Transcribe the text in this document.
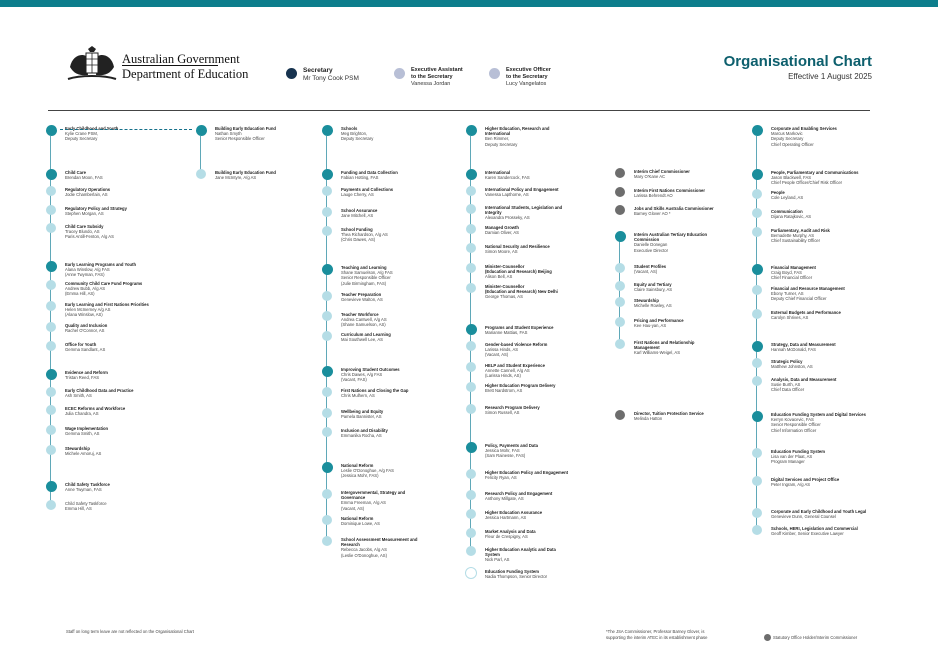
Australian Government
Department of Education
Organisational Chart
Effective 1 August 2025
Secretary
Mr Tony Cook PSM
Executive Assistant
to the Secretary
Vanessa Jordan
Executive Officer
to the Secretary
Lucy Vangelatos
Early Childhood and Youth
Kylie Crane PSM,
Deputy Secretary
Building Early Education Fund
Nathan Smyth
Senior Responsible Officer
Schools
Meg Brighton,
Deputy Secretary
Higher Education, Research and
International
Ben Rimmer,
Deputy Secretary
Corporate and Enabling Services
Marcus Markovic
Deputy Secretary
Chief Operating Officer
Child Care
Brendan Moon, FAS
Regulatory Operations
Jodie Chamberlain, AS
Regulatory Policy and Strategy
Stephen Morgan, AS
Child Care Subsidy
Tracey Blundo, AS
Paris Antill-Fenton, A/g AS
Early Learning Programs and Youth
Alana Winslow, A/g FAS
(Anne Twyman, FAS)
Community Child Care Fund Programs
Andrew Bubb, A/g AS
(Emma Hill, AS)
Early Learning and First Nations Priorities
Helen McInerney A/g AS
(Alana Winslow, AS)
Quality and Inclusion
Rachel O'Connor, AS
Office for Youth
Gemma Sandlant, AS
Evidence and Reform
Tristan Reed, FAS
Early Childhood Data and Practice
Ash Smith, AS
ECEC Reforms and Workforce
Julia Chandra, AS
Wage Implementation
Gemma Smith, AS
Stewardship
Michele Amoruj, AS
Child Safety Taskforce
Anne Twyman, FAS
Child Safety Taskforce
Emma Hill, AS
Building Early Education Fund
Jane McIntyre, A/g AS
Funding and Data Collection
Fabian Hotting, FAS
Payments and Collections
Lauge Cherry, AS
School Assurance
Jane Mitchell, AS
School Funding
Thea Richardson, A/g AS
(Chris Dawes, AS)
Teaching and Learning
Shane Samuelson, A/g FAS
Senior Responsible Officer
(Julie Birmingham, FAS)
Teacher Preparation
Genevieve Walton, AS
Teacher Workforce
Andrea Cantwell, A/g AS
(Shane Samuelson, AS)
Curriculum and Learning
Mai Southwell Lee, AS
Improving Student Outcomes
Chris Dawes, A/g FAS
(Vacant, FAS)
First Nations and Closing the Gap
Chris Mulhern, AS
Wellbeing and Equity
Pamela Bannister, AS
Inclusion and Disability
Emmanika Rocha, AS
National Reform
Leslie O'Donoghue, A/g FAS
(Jessica Mohr, FAS)
Intergovernmental, Strategy and
Governance
Emma Freeman, A/g AS
(Vacant, AS)
National Reform
Dominique Lowe, AS
School Assessment Measurement and
Research
Rebecca Jacobs, A/g AS
(Leslie O'Donoghue, AS)
International
Karen Sandercock, FAS
International Policy and Engagement
Vanessa Lapthorne, AS
International Students, Legislation and
Integrity
Alexandra Prosseky, AS
Managed Growth
Damian Oliver, AS
National Security and Resilience
Simon Moore, AS
Minister-Counsellor
(Education and Research) Beijing
Alison Bell, AS
Minister-Counsellor
(Education and Research) New Delhi
George Thomas, AS
Programs and Student Experience
Marianne Mattias, FAS
Gender-based Violence Reform
Larissa Hinds, AS
(Vacant, AS)
HELP and Student Experience
Annette Cannell, A/g AS
(Larissa Hinds, AS)
Higher Education Program Delivery
Brett Nardstrom, AS
Research Program Delivery
Simon Russell, AS
Policy, Payments and Data
Jessica Mohr, FAS
(Sam Rainesse, FAS)
Higher Education Policy and Engagement
Felicity Ryan, AS
Research Policy and Engagement
Anthony Millgate, AS
Higher Education Assurance
Jessica Hartmann, AS
Market Analysis and Data
Fleur de Crespigny, AS
Higher Education Analytic and Data
System
Nick Parl, AS
Education Funding System
Nadia Thompson, Senior Director
Interim Chief Commissioner
Mary O'Kane AC
Interim First Nations Commissioner
Larissa Behrendt AO
Jobs and Skills Australia Commissioner
Barney Glover AO *
Interim Australian Tertiary Education
Commission
Danielle Donegan
Executive Director
Student Profiles
(Vacant, AS)
Equity and Tertiary
Claire Sainsbury, AS
Stewardship
Michelle Rowley, AS
Pricing and Performance
Kee Hau-yan, AS
First Nations and Relationship
Management
Karl Williams-Weigel, AS
Director, Tuition Protection Service
Melinda Hatton
People, Parliamentary and Communications
Jason Blackwell, FAS
Chief People Officer/Chief Risk Officer
People
Cole Leyland, AS
Communication
Dijana Ratajkovic, AS
Parliamentary, Audit and Risk
Bernadette Murphy, AS
Chief Sustainability Officer
Financial Management
Craig Boyd, FAS
Chief Financial Officer
Financial and Resource Management
Ebony Turner, AS
Deputy Chief Financial Officer
External Budgets and Performance
Carolyn Shrives, AS
Strategy, Data and Measurement
Hannah McDonald, FAS
Strategic Policy
Matthew Johnston, AS
Analysis, Data and Measurement
Susie Burth, AS
Chief Data Officer
Education Funding System and Digital Services
Kerryn Kovacevic, FAS
Senior Responsible Officer
Chief Information Officer
Education Funding System
Lisa van der Plaat, AS
Program Manager
Digital Services and Project Office
Peter Ingram, A/g AS
Corporate and Early Childhood and Youth Legal
Genevieve Dunn, General Counsel
Schools, HERI, Legislation and Commercial
Geoff Kimber, Senior Executive Lawyer
Staff on long term leave are not reflected on the Organisational Chart	*The JSA Commissioner, Professor Barney Glover, is
supporting the interim ATEC in its establishment phase	Statutory Office Holder/Interim Commissioner
